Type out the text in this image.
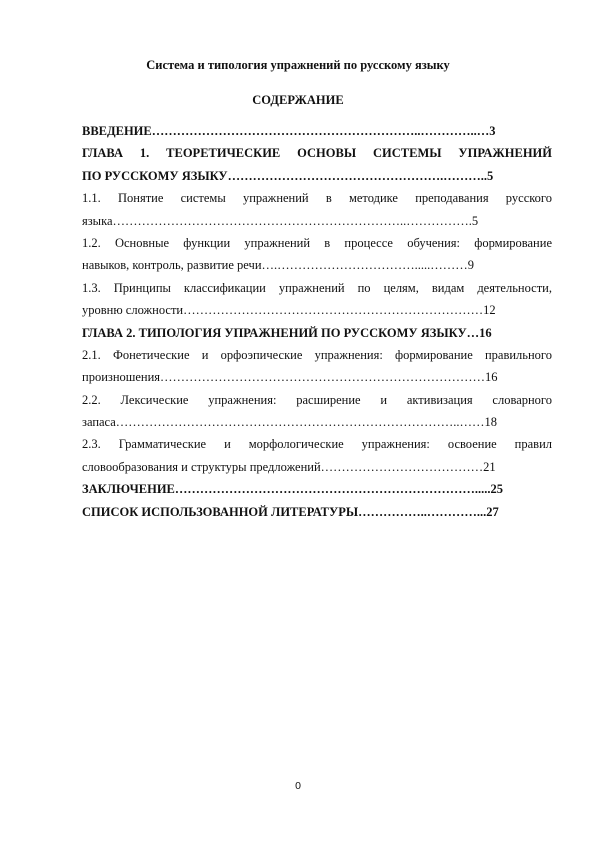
Система и типология упражнений по русскому языку
СОДЕРЖАНИЕ
ВВЕДЕНИЕ………………………………………………………..…………..…3
ГЛАВА 1. ТЕОРЕТИЧЕСКИЕ ОСНОВЫ СИСТЕМЫ УПРАЖНЕНИЙ
ПО РУССКОМУ ЯЗЫКУ…………………………………………….………..5
1.1. Понятие системы упражнений в методике преподавания русского
языка……………………………………………………………..…………….5
1.2. Основные функции упражнений в процессе обучения: формирование
навыков, контроль, развитие речи….…………………………….....………9
1.3. Принципы классификации упражнений по целям, видам деятельности,
уровню сложности………………………………………………………………12
ГЛАВА 2. ТИПОЛОГИЯ УПРАЖНЕНИЙ ПО РУССКОМУ ЯЗЫКУ…16
2.1. Фонетические и орфоэпические упражнения: формирование правильного
произношения……………………………………………………………………16
2.2. Лексические упражнения: расширение и активизация словарного
запаса………………………………………………………………………..……18
2.3. Грамматические и морфологические упражнения: освоение правил
словообразования и структуры предложений…………………………………21
ЗАКЛЮЧЕНИЕ……………………………………………………………….....25
СПИСОК ИСПОЛЬЗОВАННОЙ ЛИТЕРАТУРЫ……………..…………...27
0
